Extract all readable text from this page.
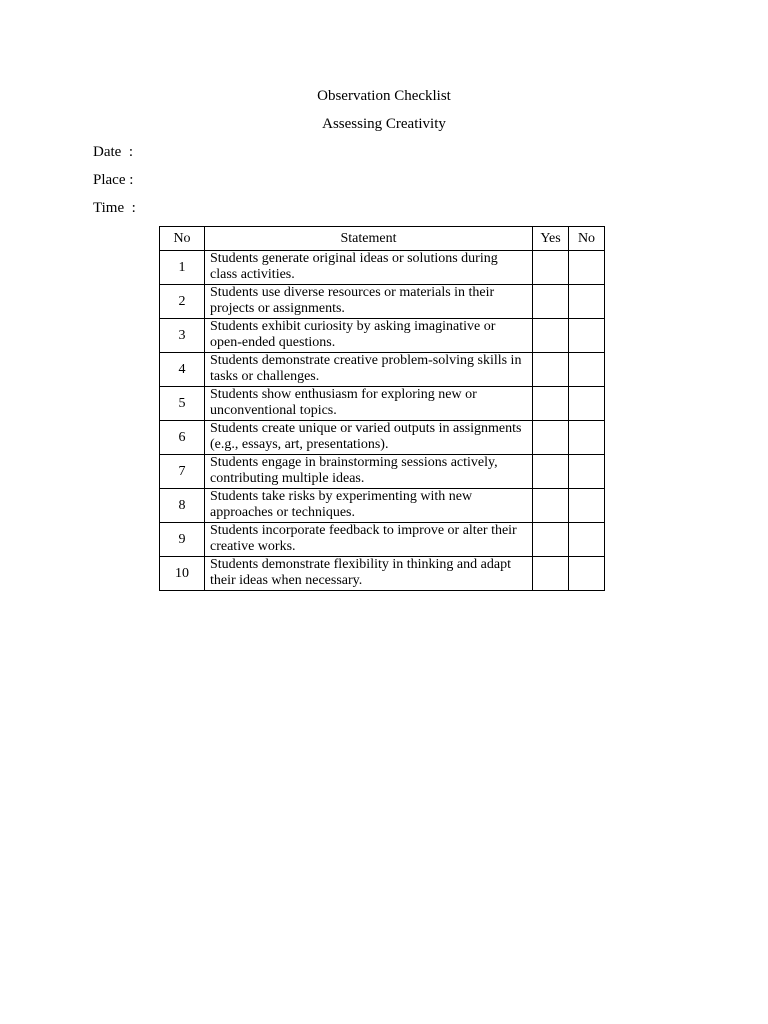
Observation Checklist
Assessing Creativity
Date  :
Place :
Time  :
No	Statement	Yes	No
1	Students generate original ideas or solutions during class activities.		
2	Students use diverse resources or materials in their projects or assignments.		
3	Students exhibit curiosity by asking imaginative or open-ended questions.		
4	Students demonstrate creative problem-solving skills in tasks or challenges.		
5	Students show enthusiasm for exploring new or unconventional topics.		
6	Students create unique or varied outputs in assignments (e.g., essays, art, presentations).		
7	Students engage in brainstorming sessions actively, contributing multiple ideas.		
8	Students take risks by experimenting with new approaches or techniques.		
9	Students incorporate feedback to improve or alter their creative works.		
10	Students demonstrate flexibility in thinking and adapt their ideas when necessary.		
